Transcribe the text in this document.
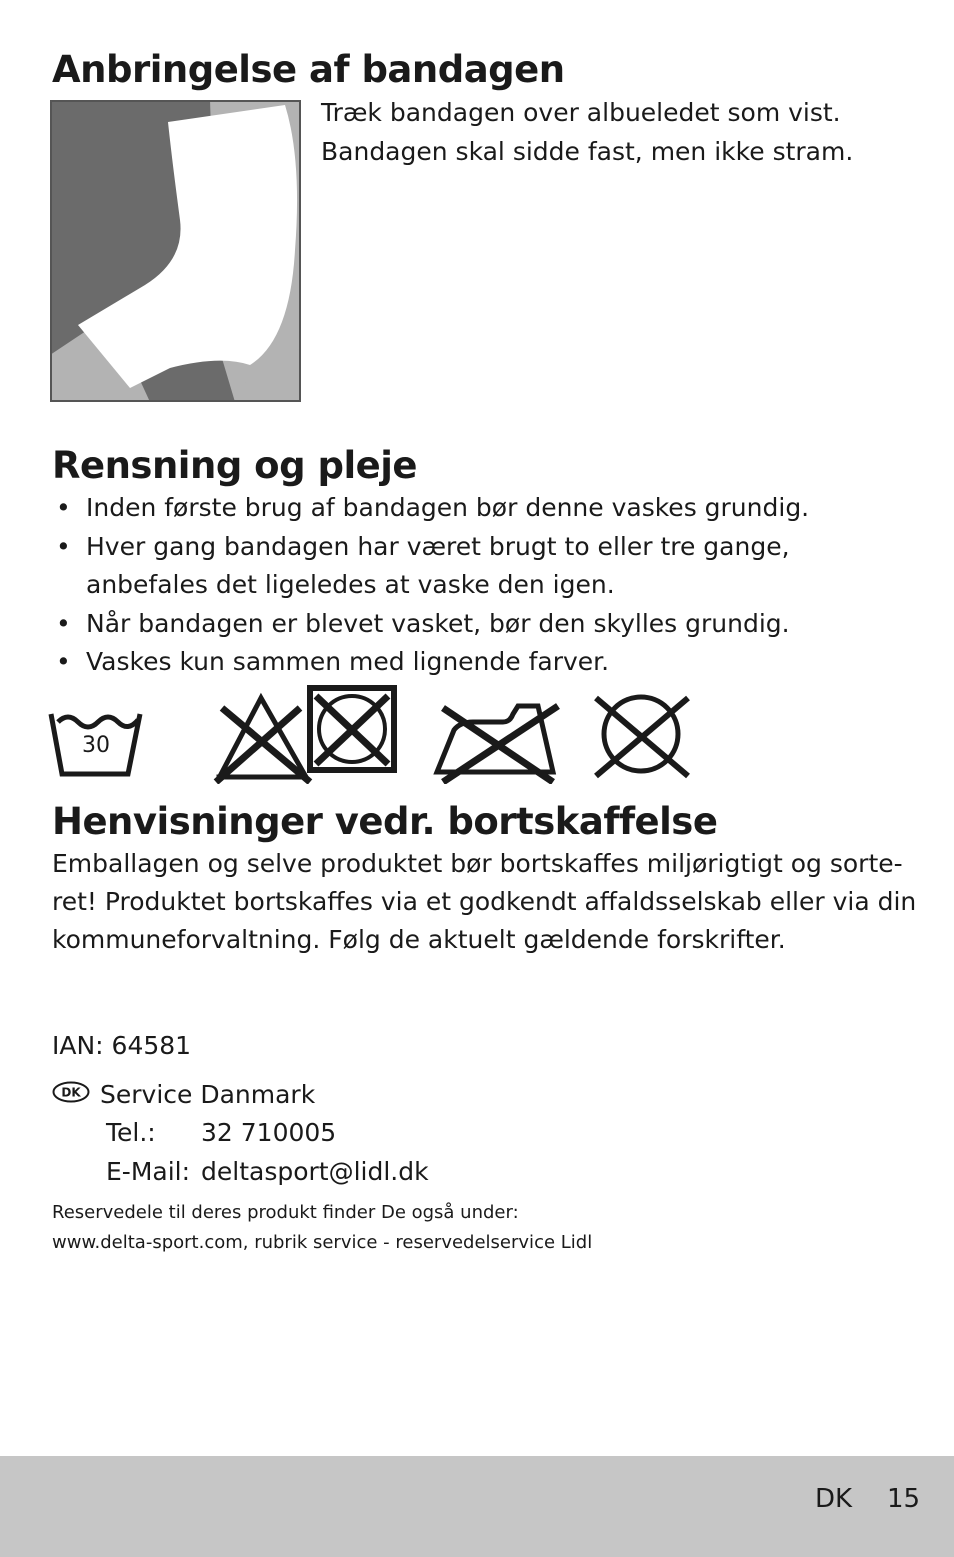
Anbringelse af bandagen
Træk bandagen over albueledet som vist.
Bandagen skal sidde fast, men ikke stram.
Rensning og pleje
• Inden første brug af bandagen bør denne vaskes grundig.
• Hver gang bandagen har været brugt to eller tre gange,
anbefales det ligeledes at vaske den igen.
• Når bandagen er blevet vasket, bør den skylles grundig.
• Vaskes kun sammen med lignende farver.
30
Henvisninger vedr. bortskaffelse
Emballagen og selve produktet bør bortskaffes miljørigtigt og sorte-
ret! Produktet bortskaffes via et godkendt affaldsselskab eller via din
kommuneforvaltning. Følg de aktuelt gældende forskrifter.
IAN: 64581
DK Service Danmark
Tel.: 32 710005
E-Mail: deltasport@lidl.dk
Reservedele til deres produkt finder De også under:
www.delta-sport.com, rubrik service - reservedelservice Lidl
DK 15
